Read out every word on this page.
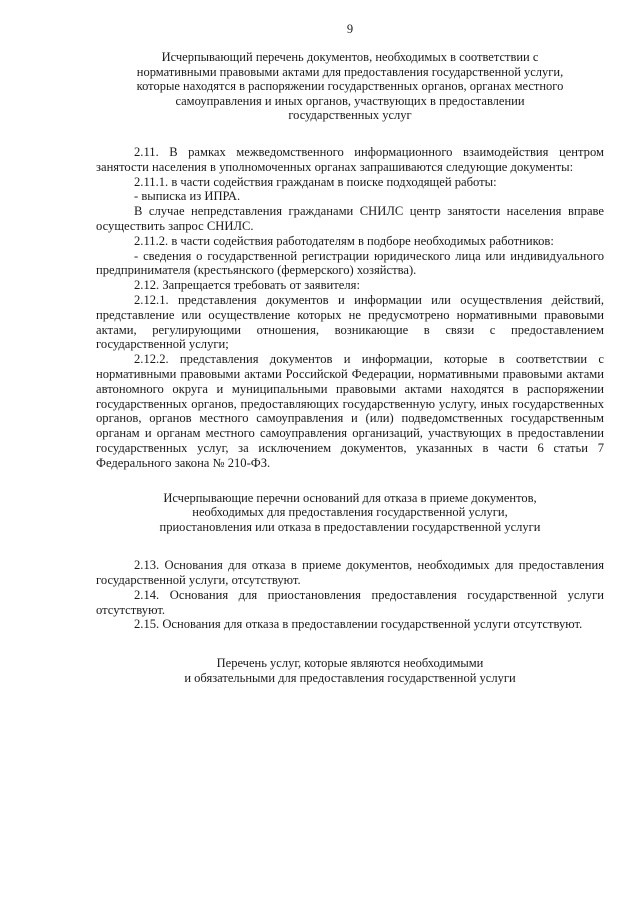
9
Исчерпывающий перечень документов, необходимых в соответствии с
нормативными правовыми актами для предоставления государственной услуги,
которые находятся в распоряжении государственных органов, органах местного
самоуправления и иных органов, участвующих в предоставлении
государственных услуг

2.11. В рамках межведомственного информационного взаимодействия центром занятости населения в уполномоченных органах запрашиваются следующие документы:

2.11.1. в части содействия гражданам в поиске подходящей работы:

- выписка из ИПРА.

В случае непредставления гражданами СНИЛС центр занятости населения вправе осуществить запрос СНИЛС.

2.11.2. в части содействия работодателям в подборе необходимых работников:

- сведения о государственной регистрации юридического лица или индивидуального предпринимателя (крестьянского (фермерского) хозяйства).

2.12. Запрещается требовать от заявителя:

2.12.1. представления документов и информации или осуществления действий, представление или осуществление которых не предусмотрено нормативными правовыми актами, регулирующими отношения, возникающие в связи с предоставлением государственной услуги;

2.12.2. представления документов и информации, которые в соответствии с нормативными правовыми актами Российской Федерации, нормативными правовыми актами автономного округа и муниципальными правовыми актами находятся в распоряжении государственных органов, предоставляющих государственную услугу, иных государственных органов, органов местного самоуправления и (или) подведомственных государственным органам и органам местного самоуправления организаций, участвующих в предоставлении государственных услуг, за исключением документов, указанных в части 6 статьи 7 Федерального закона № 210-ФЗ.

Исчерпывающие перечни оснований для отказа в приеме документов,
необходимых для предоставления государственной услуги,
приостановления или отказа в предоставлении государственной услуги

2.13. Основания для отказа в приеме документов, необходимых для предоставления государственной услуги, отсутствуют.

2.14. Основания для приостановления предоставления государственной услуги отсутствуют.

2.15. Основания для отказа в предоставлении государственной услуги отсутствуют.

Перечень услуг, которые являются необходимыми
и обязательными для предоставления государственной услуги
